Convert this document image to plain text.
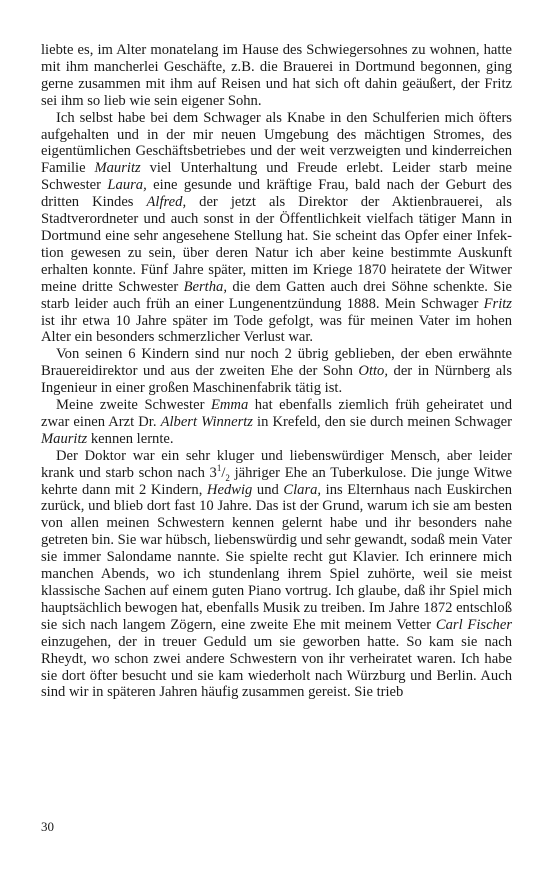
liebte es, im Alter monatelang im Hause des Schwiegersohnes zu wohnen, hatte mit ihm mancherlei Geschäfte, z.B. die Brauerei in Dortmund begonnen, ging gerne zusammen mit ihm auf Reisen und hat sich oft dahin geäußert, der Fritz sei ihm so lieb wie sein eigener Sohn.

Ich selbst habe bei dem Schwager als Knabe in den Schulferien mich öfters aufgehalten und in der mir neuen Umgebung des mächtigen Stromes, des eigentümlichen Geschäftsbetriebes und der weit verzweigten und kinderreichen Familie Mauritz viel Unterhaltung und Freude erlebt. Leider starb meine Schwester Laura, eine gesunde und kräftige Frau, bald nach der Geburt des dritten Kindes Alfred, der jetzt als Direktor der Aktienbrauerei, als Stadtverordneter und auch sonst in der Öffentlichkeit vielfach tätiger Mann in Dortmund eine sehr angesehene Stellung hat. Sie scheint das Opfer einer Infektion gewesen zu sein, über deren Natur ich aber keine bestimmte Auskunft erhalten konnte. Fünf Jahre später, mitten im Kriege 1870 heiratete der Witwer meine dritte Schwester Bertha, die dem Gatten auch drei Söhne schenkte. Sie starb leider auch früh an einer Lungenentzündung 1888. Mein Schwager Fritz ist ihr etwa 10 Jahre später im Tode gefolgt, was für meinen Vater im hohen Alter ein besonders schmerzlicher Verlust war.

Von seinen 6 Kindern sind nur noch 2 übrig geblieben, der eben erwähnte Brauereidirektor und aus der zweiten Ehe der Sohn Otto, der in Nürnberg als Ingenieur in einer großen Maschinenfabrik tätig ist.

Meine zweite Schwester Emma hat ebenfalls ziemlich früh geheiratet und zwar einen Arzt Dr. Albert Winnertz in Krefeld, den sie durch meinen Schwager Mauritz kennen lernte.

Der Doktor war ein sehr kluger und liebenswürdiger Mensch, aber leider krank und starb schon nach $3^1/_2$ jähriger Ehe an Tuberkulose. Die junge Witwe kehrte dann mit 2 Kindern, Hedwig und Clara, ins Elternhaus nach Euskirchen zurück, und blieb dort fast 10 Jahre. Das ist der Grund, warum ich sie am besten von allen meinen Schwestern kennen gelernt habe und ihr besonders nahe getreten bin. Sie war hübsch, liebenswürdig und sehr gewandt, sodaß mein Vater sie immer Salondame nannte. Sie spielte recht gut Klavier. Ich erinnere mich manchen Abends, wo ich stundenlang ihrem Spiel zuhörte, weil sie meist klassische Sachen auf einem guten Piano vortrug. Ich glaube, daß ihr Spiel mich hauptsächlich bewogen hat, ebenfalls Musik zu treiben. Im Jahre 1872 entschloß sie sich nach langem Zögern, eine zweite Ehe mit meinem Vetter Carl Fischer einzugehen, der in treuer Geduld um sie geworben hatte. So kam sie nach Rheydt, wo schon zwei andere Schwestern von ihr verheiratet waren. Ich habe sie dort öfter besucht und sie kam wiederholt nach Würzburg und Berlin. Auch sind wir in späteren Jahren häufig zusammen gereist. Sie trieb

30
